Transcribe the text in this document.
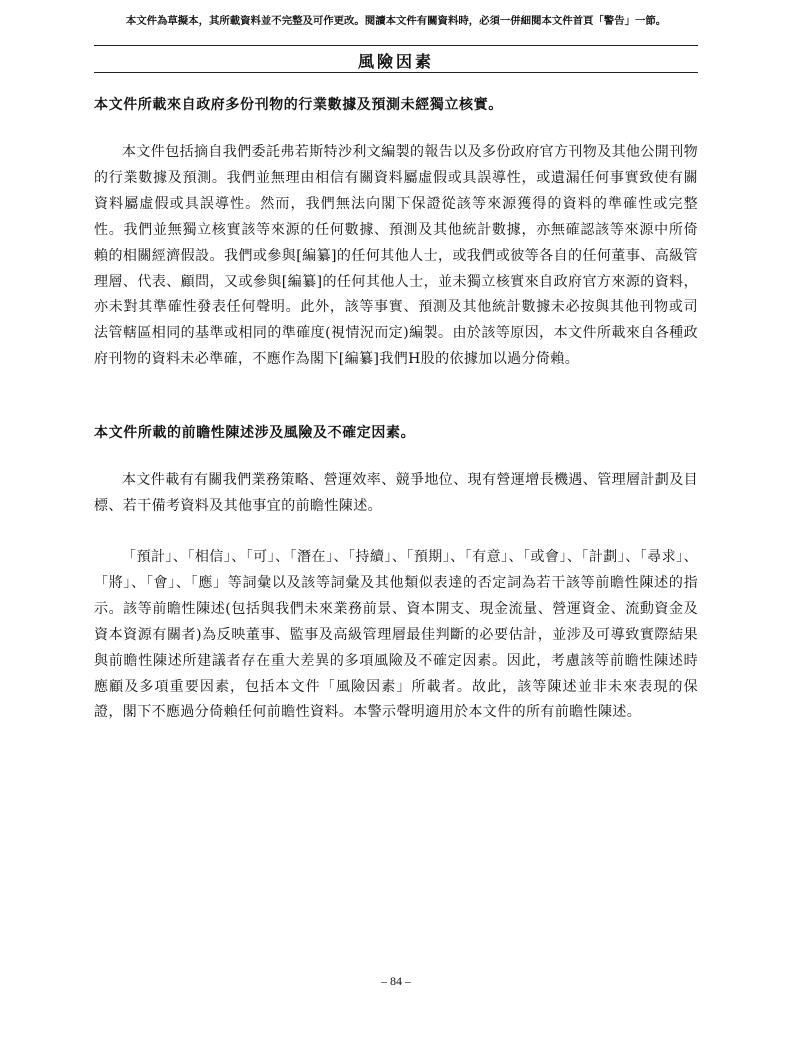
本文件為草擬本，其所載資料並不完整及可作更改。閱讀本文件有關資料時，必須一併細閱本文件首頁「警告」一節。
風險因素
本文件所載來自政府多份刊物的行業數據及預測未經獨立核實。
本文件包括摘自我們委託弗若斯特沙利文編製的報告以及多份政府官方刊物及其他公開刊物的行業數據及預測。我們並無理由相信有關資料屬虛假或具誤導性，或遺漏任何事實致使有關資料屬虛假或具誤導性。然而，我們無法向閣下保證從該等來源獲得的資料的準確性或完整性。我們並無獨立核實該等來源的任何數據、預測及其他統計數據，亦無確認該等來源中所倚賴的相關經濟假設。我們或參與[編纂]的任何其他人士，或我們或彼等各自的任何董事、高級管理層、代表、顧問，又或參與[編纂]的任何其他人士，並未獨立核實來自政府官方來源的資料，亦未對其準確性發表任何聲明。此外，該等事實、預測及其他統計數據未必按與其他刊物或司法管轄區相同的基準或相同的準確度(視情況而定)編製。由於該等原因，本文件所載來自各種政府刊物的資料未必準確，不應作為閣下[編纂]我們H股的依據加以過分倚賴。
本文件所載的前瞻性陳述涉及風險及不確定因素。
本文件載有有關我們業務策略、營運效率、競爭地位、現有營運增長機遇、管理層計劃及目標、若干備考資料及其他事宜的前瞻性陳述。
「預計」、「相信」、「可」、「潛在」、「持續」、「預期」、「有意」、「或會」、「計劃」、「尋求」、「將」、「會」、「應」等詞彙以及該等詞彙及其他類似表達的否定詞為若干該等前瞻性陳述的指示。該等前瞻性陳述(包括與我們未來業務前景、資本開支、現金流量、營運資金、流動資金及資本資源有關者)為反映董事、監事及高級管理層最佳判斷的必要估計，並涉及可導致實際結果與前瞻性陳述所建議者存在重大差異的多項風險及不確定因素。因此，考慮該等前瞻性陳述時應顧及多項重要因素，包括本文件「風險因素」所載者。故此，該等陳述並非未來表現的保證，閣下不應過分倚賴任何前瞻性資料。本警示聲明適用於本文件的所有前瞻性陳述。
– 84 –
